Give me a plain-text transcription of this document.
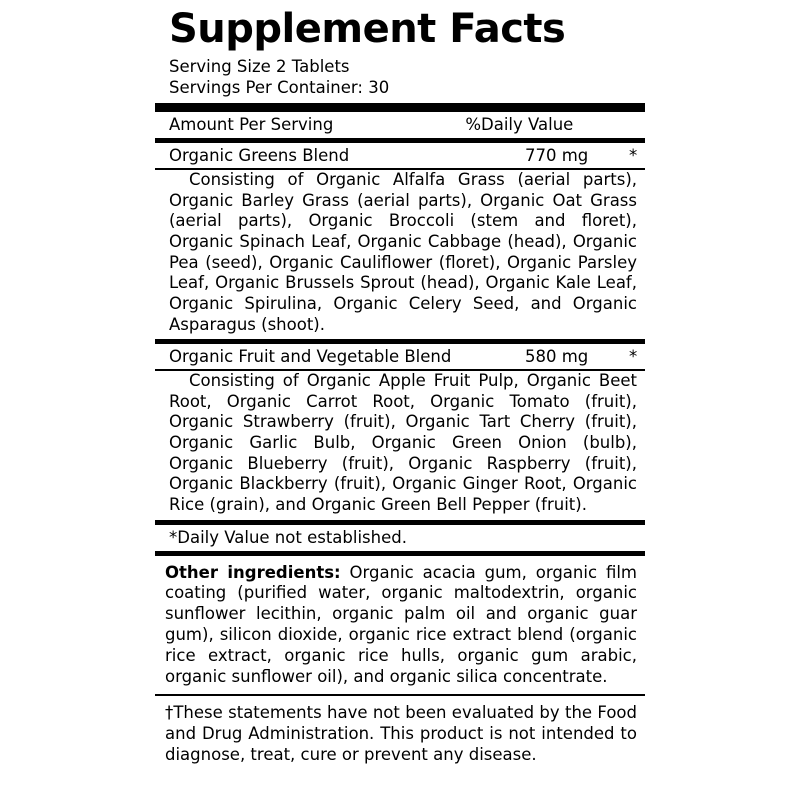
Supplement Facts
Serving Size 2 Tablets
Servings Per Container: 30
Amount Per Serving	%Daily Value
Organic Greens Blend	770 mg *
Consisting of Organic Alfalfa Grass (aerial parts), Organic Barley Grass (aerial parts), Organic Oat Grass (aerial parts), Organic Broccoli (stem and floret), Organic Spinach Leaf, Organic Cabbage (head), Organic Pea (seed), Organic Cauliflower (floret), Organic Parsley Leaf, Organic Brussels Sprout (head), Organic Kale Leaf, Organic Spirulina, Organic Celery Seed, and Organic Asparagus (shoot).
Organic Fruit and Vegetable Blend	580 mg *
Consisting of Organic Apple Fruit Pulp, Organic Beet Root, Organic Carrot Root, Organic Tomato (fruit), Organic Strawberry (fruit), Organic Tart Cherry (fruit), Organic Garlic Bulb, Organic Green Onion (bulb), Organic Blueberry (fruit), Organic Raspberry (fruit), Organic Blackberry (fruit), Organic Ginger Root, Organic Rice (grain), and Organic Green Bell Pepper (fruit).
*Daily Value not established.
Other ingredients: Organic acacia gum, organic film coating (purified water, organic maltodextrin, organic sunflower lecithin, organic palm oil and organic guar gum), silicon dioxide, organic rice extract blend (organic rice extract, organic rice hulls, organic gum arabic, organic sunflower oil), and organic silica concentrate.
†These statements have not been evaluated by the Food and Drug Administration. This product is not intended to diagnose, treat, cure or prevent any disease.
